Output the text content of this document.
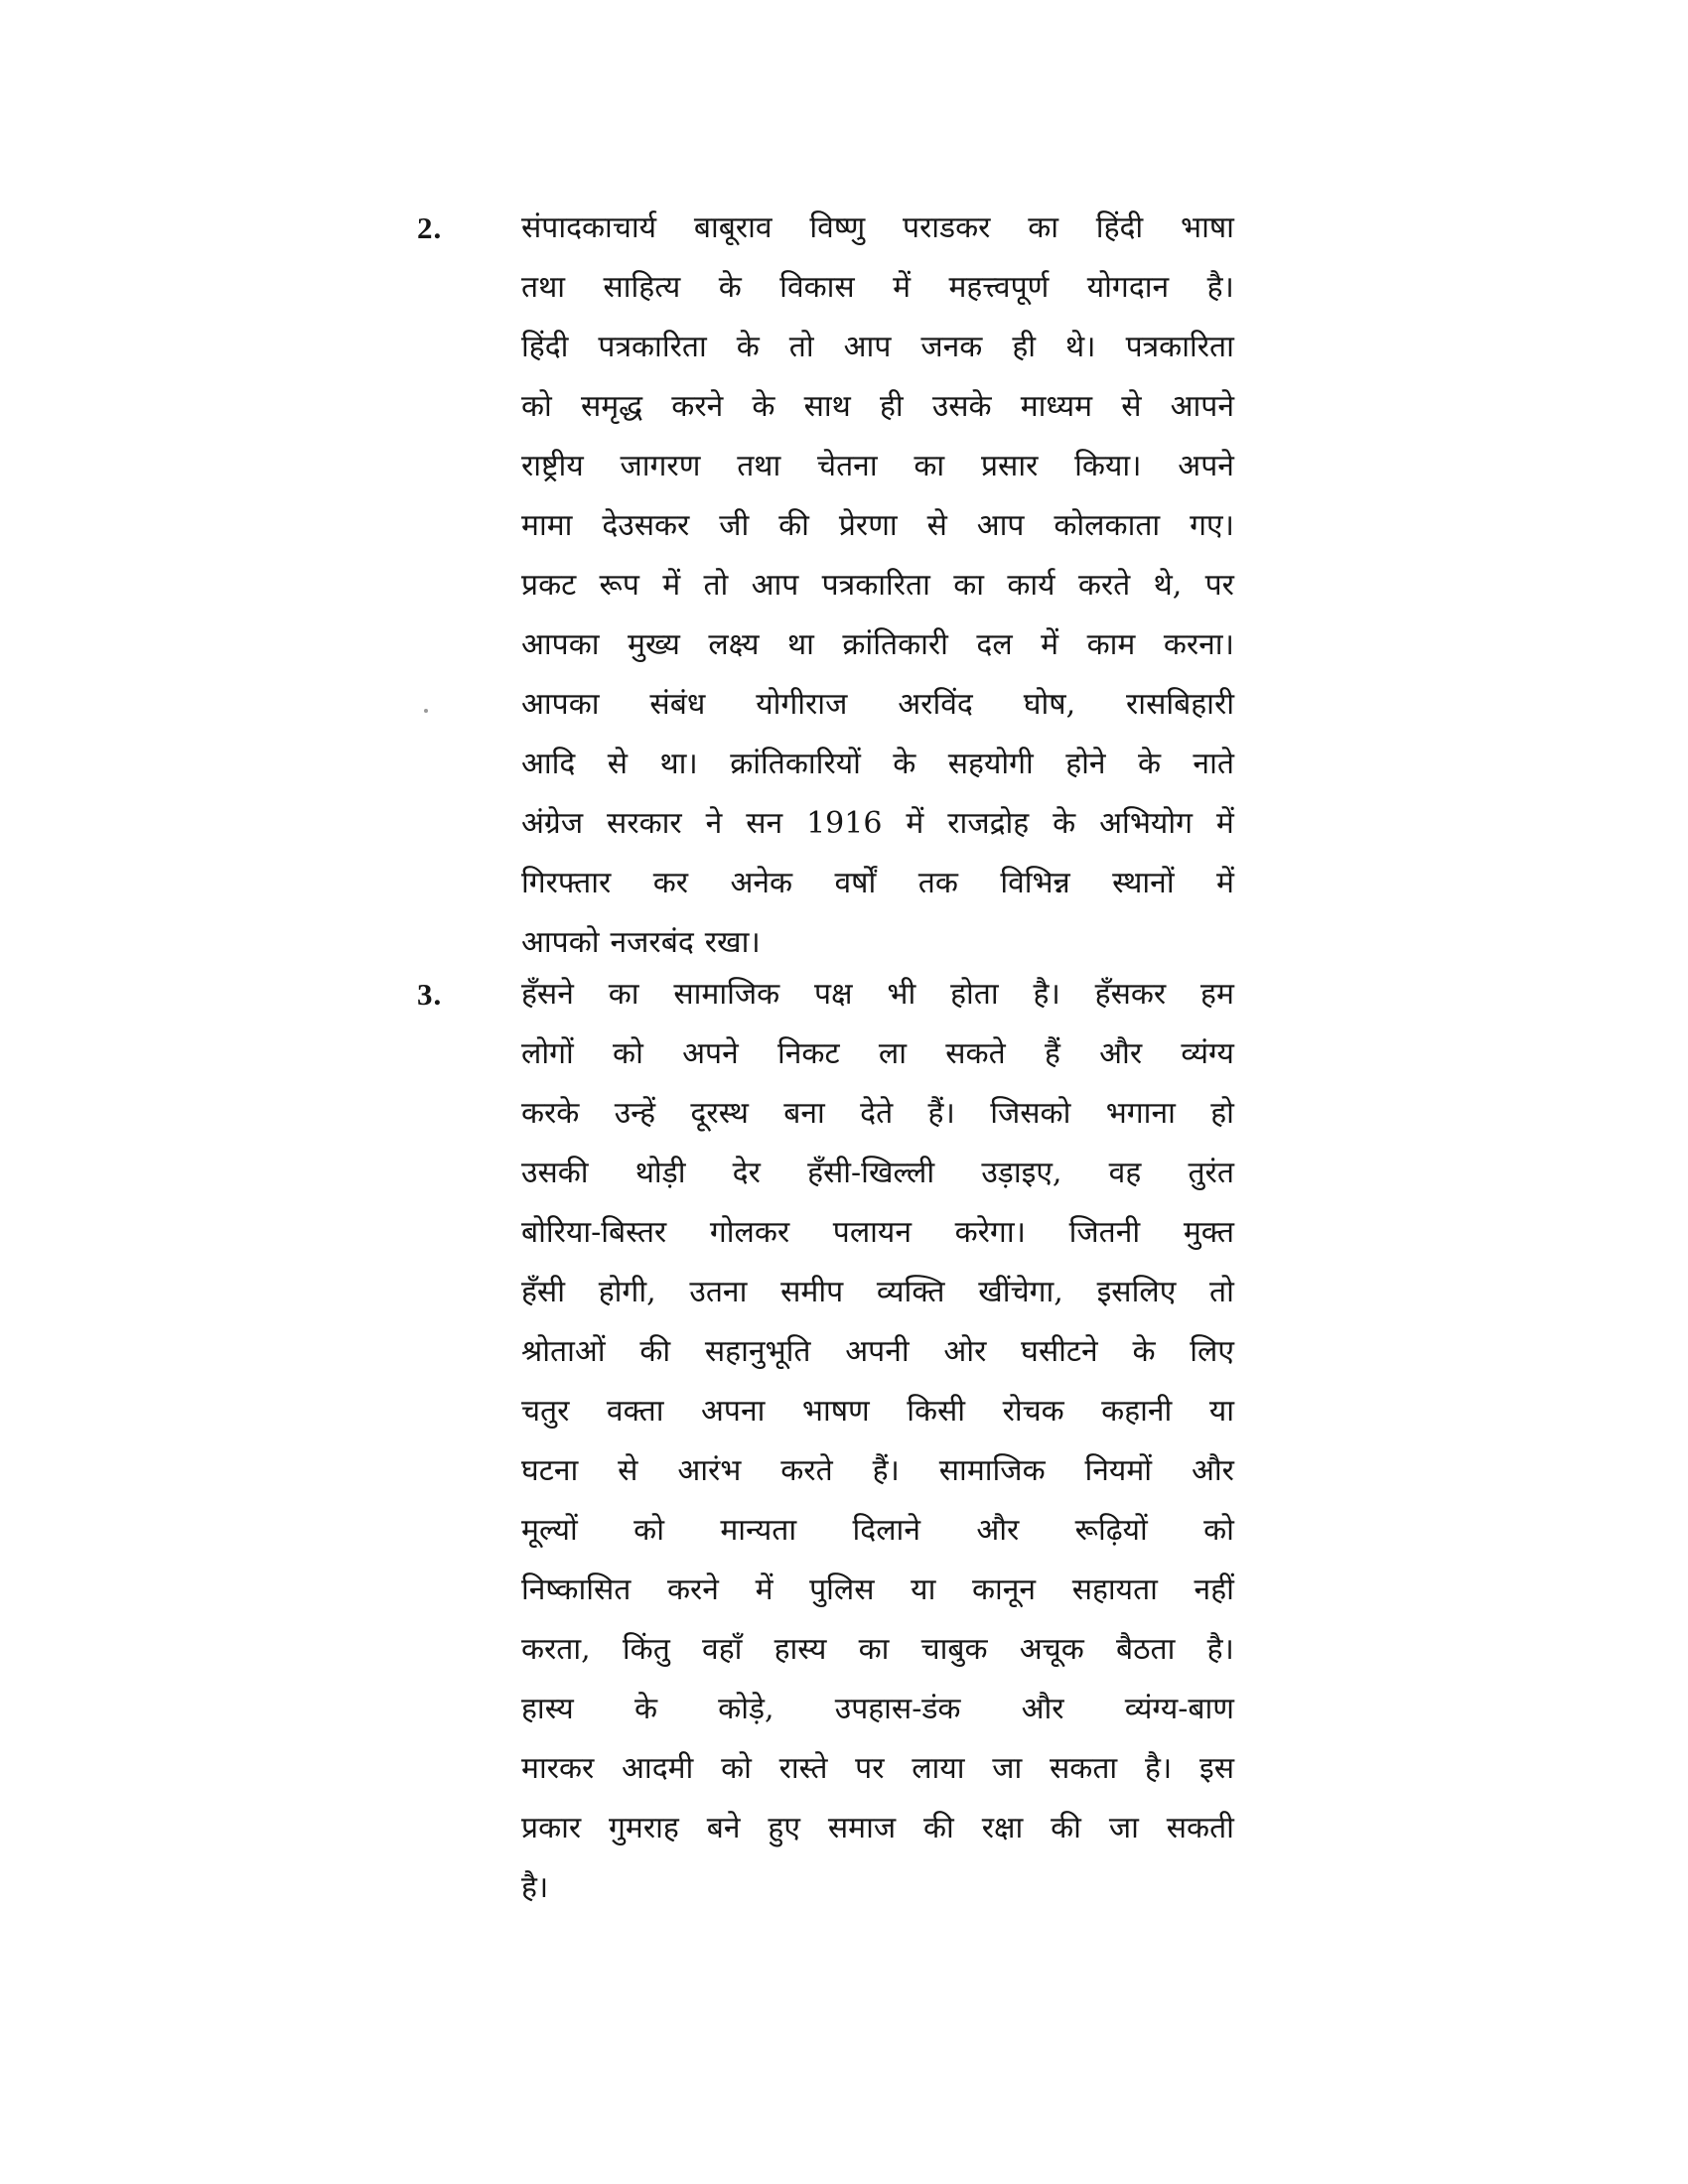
2.	संपादकाचार्य बाबूराव विष्णु पराडकर का हिंदी भाषा
तथा साहित्य के विकास में महत्त्वपूर्ण योगदान है।
हिंदी पत्रकारिता के तो आप जनक ही थे। पत्रकारिता
को समृद्ध करने के साथ ही उसके माध्यम से आपने
राष्ट्रीय जागरण तथा चेतना का प्रसार किया। अपने
मामा देउसकर जी की प्रेरणा से आप कोलकाता गए।
प्रकट रूप में तो आप पत्रकारिता का कार्य करते थे, पर
आपका मुख्य लक्ष्य था क्रांतिकारी दल में काम करना।
आपका संबंध योगीराज अरविंद घोष, रासबिहारी
आदि से था। क्रांतिकारियों के सहयोगी होने के नाते
अंग्रेज सरकार ने सन 1916 में राजद्रोह के अभियोग में
गिरफ्तार कर अनेक वर्षों तक विभिन्न स्थानों में
आपको नजरबंद रखा।
3.	हँसने का सामाजिक पक्ष भी होता है। हँसकर हम
लोगों को अपने निकट ला सकते हैं और व्यंग्य
करके उन्हें दूरस्थ बना देते हैं। जिसको भगाना हो
उसकी थोड़ी देर हँसी-खिल्ली उड़ाइए, वह तुरंत
बोरिया-बिस्तर गोलकर पलायन करेगा। जितनी मुक्त
हँसी होगी, उतना समीप व्यक्ति खींचेगा, इसलिए तो
श्रोताओं की सहानुभूति अपनी ओर घसीटने के लिए
चतुर वक्ता अपना भाषण किसी रोचक कहानी या
घटना से आरंभ करते हैं। सामाजिक नियमों और
मूल्यों को मान्यता दिलाने और रूढ़ियों को
निष्कासित करने में पुलिस या कानून सहायता नहीं
करता, किंतु वहाँ हास्य का चाबुक अचूक बैठता है।
हास्य के कोड़े, उपहास-डंक और व्यंग्य-बाण
मारकर आदमी को रास्ते पर लाया जा सकता है। इस
प्रकार गुमराह बने हुए समाज की रक्षा की जा सकती
है।
